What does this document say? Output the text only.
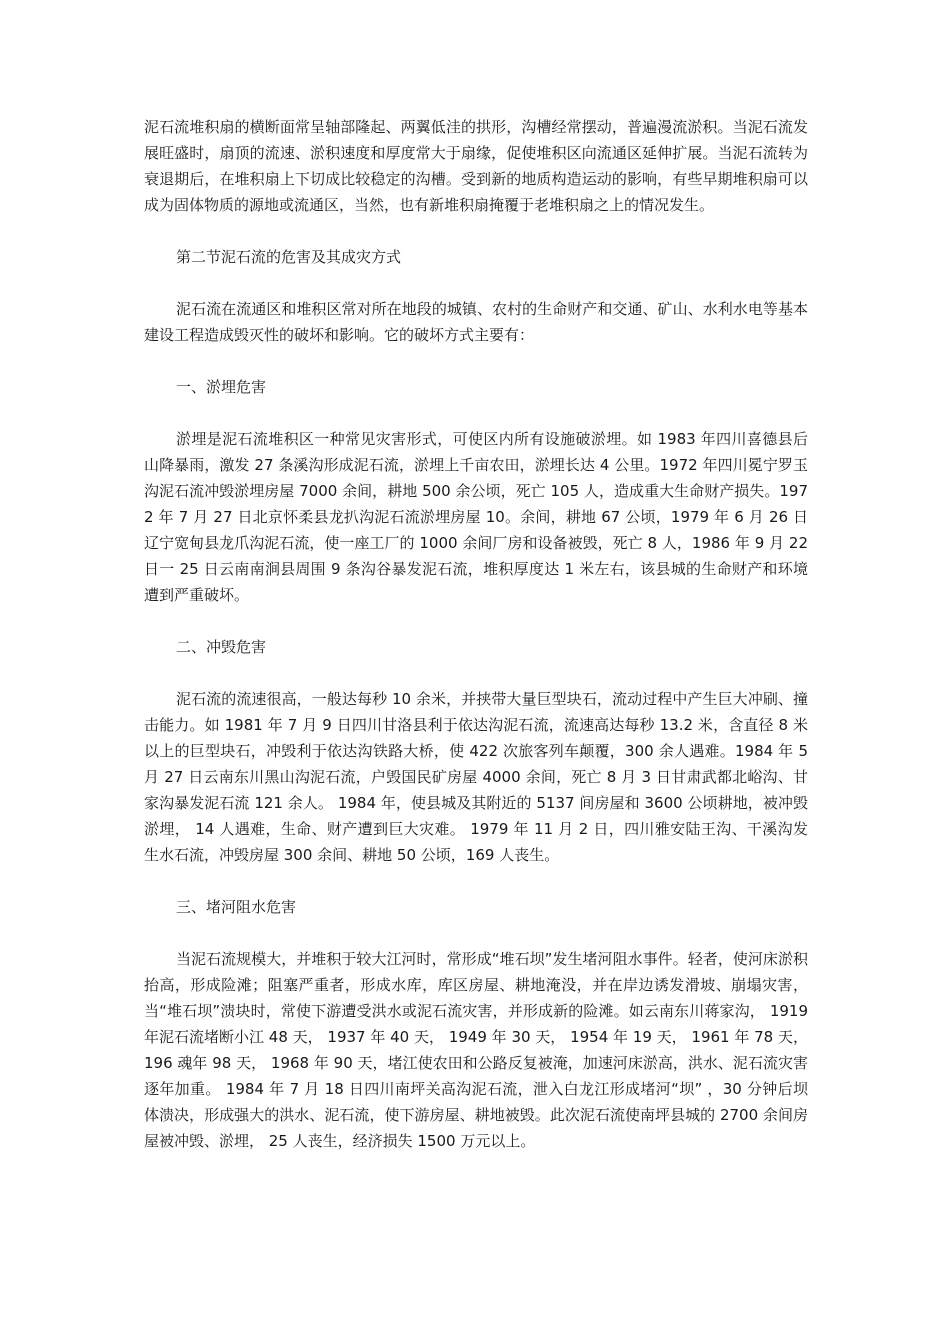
泥石流堆积扇的横断面常呈轴部隆起、两翼低洼的拱形，沟槽经常摆动，普遍漫流淤积。当泥石流发展旺盛时，扇顶的流速、淤积速度和厚度常大于扇缘，促使堆积区向流通区延伸扩展。当泥石流转为衰退期后，在堆积扇上下切成比较稳定的沟槽。受到新的地质构造运动的影响，有些早期堆积扇可以成为固体物质的源地或流通区，当然，也有新堆积扇掩覆于老堆积扇之上的情况发生。

第二节泥石流的危害及其成灾方式

泥石流在流通区和堆积区常对所在地段的城镇、农村的生命财产和交通、矿山、水利水电等基本建设工程造成毁灭性的破坏和影响。它的破坏方式主要有：

一、淤埋危害

淤埋是泥石流堆积区一种常见灾害形式，可使区内所有设施破淤埋。如 1983 年四川喜德县后山降暴雨，激发 27 条溪沟形成泥石流，淤埋上千亩农田，淤埋长达 4 公里。1972 年四川冕宁罗玉沟泥石流冲毁淤埋房屋 7000 余间，耕地 500 余公顷，死亡 105 人，造成重大生命财产损失。1972 年 7 月 27 日北京怀柔县龙扒沟泥石流淤埋房屋 10。余间，耕地 67 公顷，1979 年 6 月 26 日辽宁宽甸县龙爪沟泥石流，使一座工厂的 1000 余间厂房和设备被毁，死亡 8 人，1986 年 9 月 22 日一 25 日云南南涧县周围 9 条沟谷暴发泥石流，堆积厚度达 1 米左右，该县城的生命财产和环境遭到严重破坏。

二、冲毁危害

泥石流的流速很高，一般达每秒 10 余米，并挟带大量巨型块石，流动过程中产生巨大冲刷、撞击能力。如 1981 年 7 月 9 日四川甘洛县利于依达沟泥石流，流速高达每秒 13.2 米，含直径 8 米以上的巨型块石，冲毁利于依达沟铁路大桥，使 422 次旅客列车颠覆，300 余人遇难。1984 年 5 月 27 日云南东川黑山沟泥石流，户毁国民矿房屋 4000 余间，死亡 8 月 3 日甘肃武都北峪沟、甘家沟暴发泥石流 121 余人。 1984 年，使县城及其附近的 5137 间房屋和 3600 公顷耕地，被冲毁淤埋， 14 人遇难，生命、财产遭到巨大灾难。 1979 年 11 月 2 日，四川雅安陆王沟、干溪沟发生水石流，冲毁房屋 300 余间、耕地 50 公顷，169 人丧生。

三、堵河阻水危害

当泥石流规模大，并堆积于较大江河时，常形成“堆石坝”发生堵河阻水事件。轻者，使河床淤积抬高，形成险滩；阻塞严重者，形成水库，库区房屋、耕地淹没，并在岸边诱发滑坡、崩塌灾害，当“堆石坝”溃块时，常使下游遭受洪水或泥石流灾害，并形成新的险滩。如云南东川蒋家沟， 1919 年泥石流堵断小江 48 天， 1937 年 40 天， 1949 年 30 天， 1954 年 19 天， 1961 年 78 天， 196 魂年 98 天， 1968 年 90 天，堵江使农田和公路反复被淹，加速河床淤高，洪水、泥石流灾害逐年加重。 1984 年 7 月 18 日四川南坪关高沟泥石流，泄入白龙江形成堵河“坝” ，30 分钟后坝体溃决，形成强大的洪水、泥石流，使下游房屋、耕地被毁。此次泥石流使南坪县城的 2700 余间房屋被冲毁、淤埋， 25 人丧生，经济损失 1500 万元以上。
